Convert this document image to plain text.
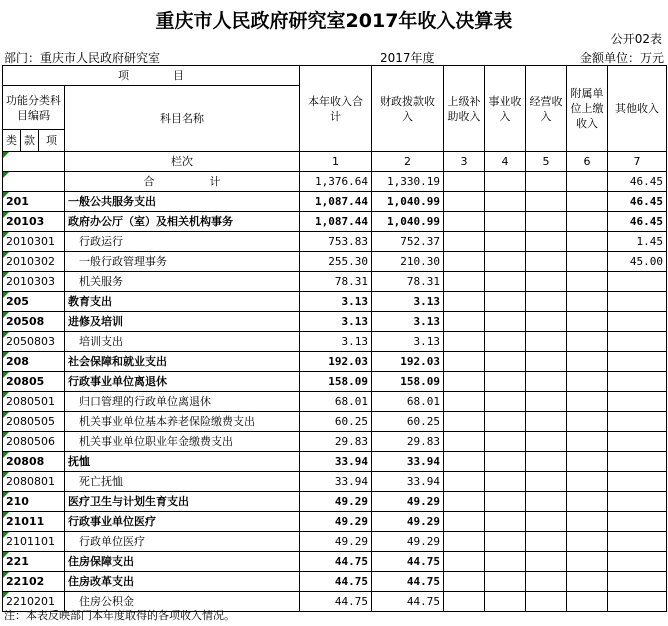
重庆市人民政府研究室2017年收入决算表
公开02表
部门：重庆市人民政府研究室	2017年度	金额单位：万元
项　　　　目				本年收入合计	财政拨款收入	上级补助收入	事业收入	经营收入	附属单位上缴收入	其他收入
功能分类科目编码			科目名称							

类	款	项								
			栏次	1	2	3	4	5	6	7
			合　　　　　计	1,376.64	1,330.19					46.45
201			一般公共服务支出	1,087.44	1,040.99					46.45
20103			政府办公厅（室）及相关机构事务	1,087.44	1,040.99					46.45
2010301			行政运行	753.83	752.37					1.45
2010302			一般行政管理事务	255.30	210.30					45.00
2010303			机关服务	78.31	78.31					
205			教育支出	3.13	3.13					
20508			进修及培训	3.13	3.13					
2050803			培训支出	3.13	3.13					
208			社会保障和就业支出	192.03	192.03					
20805			行政事业单位离退休	158.09	158.09					
2080501			归口管理的行政单位离退休	68.01	68.01					
2080505			机关事业单位基本养老保险缴费支出	60.25	60.25					
2080506			机关事业单位职业年金缴费支出	29.83	29.83					
20808			抚恤	33.94	33.94					
2080801			死亡抚恤	33.94	33.94					
210			医疗卫生与计划生育支出	49.29	49.29					
21011			行政事业单位医疗	49.29	49.29					
2101101			行政单位医疗	49.29	49.29					
221			住房保障支出	44.75	44.75					
22102			住房改革支出	44.75	44.75					
2210201			住房公积金	44.75	44.75					
注：本表反映部门本年度取得的各项收入情况。
